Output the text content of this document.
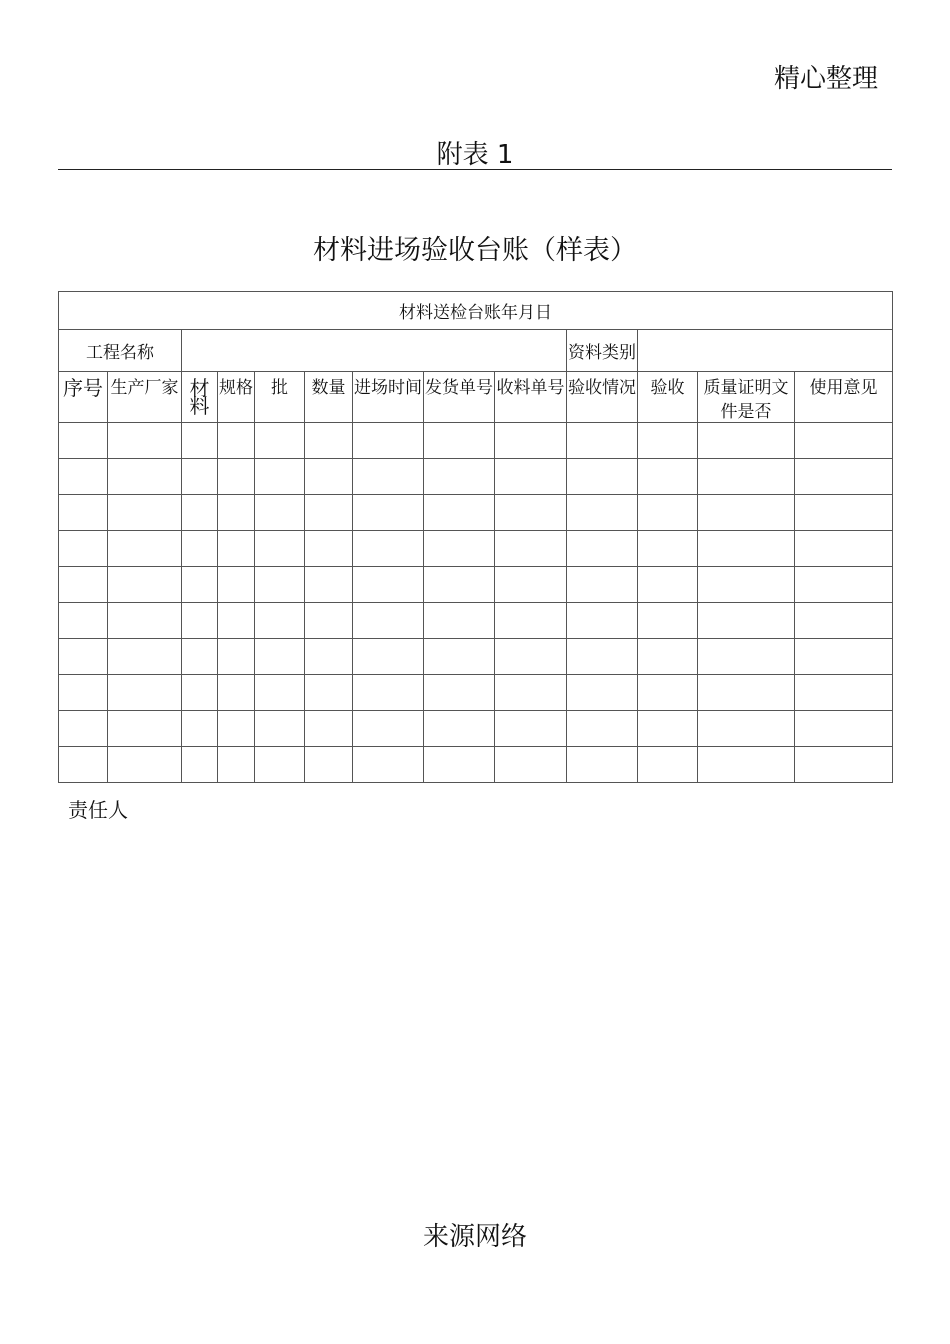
精心整理
附表 1
材料进场验收台账（样表）
材料送检台账年月日												
工程名称									资料类别			

序号	生产厂家	材料	规格	批	数量	进场时间	发货单号	收料单号	验收情况	验收	质量证明文件是否	使用意见

责任人
来源网络
